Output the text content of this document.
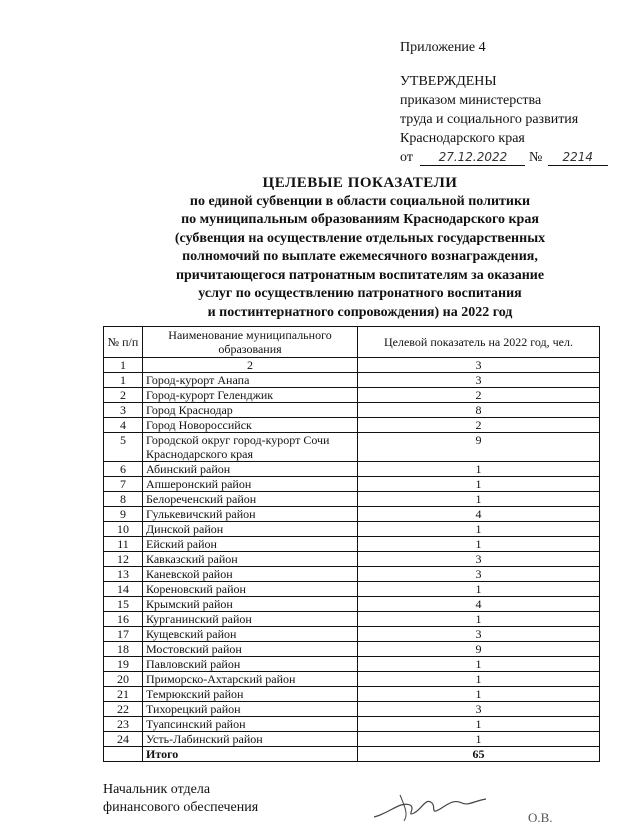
Приложение 4
УТВЕРЖДЕНЫ
приказом министерства
труда и социального развития
Краснодарского края
от 27.12.2022 № 2214
ЦЕЛЕВЫЕ ПОКАЗАТЕЛИ
по единой субвенции в области социальной политики
по муниципальным образованиям Краснодарского края
(субвенция на осуществление отдельных государственных
полномочий по выплате ежемесячного вознаграждения,
причитающегося патронатным воспитателям за оказание
услуг по осуществлению патронатного воспитания
и постинтернатного сопровождения) на 2022 год
№ п/п	Наименование муниципального образования	Целевой показатель на 2022 год, чел.
1	2	3
1	Город-курорт Анапа	3
2	Город-курорт Геленджик	2
3	Город Краснодар	8
4	Город Новороссийск	2
5	Городской округ город-курорт Сочи Краснодарского края	9
6	Абинский район	1
7	Апшеронский район	1
8	Белореченский район	1
9	Гулькевичский район	4
10	Динской район	1
11	Ейский район	1
12	Кавказский район	3
13	Каневской район	3
14	Кореновский район	1
15	Крымский район	4
16	Курганинский район	1
17	Кущевский район	3
18	Мостовский район	9
19	Павловский район	1
20	Приморско-Ахтарский район	1
21	Темрюкский район	1
22	Тихорецкий район	3
23	Туапсинский район	1
24	Усть-Лабинский район	1
	Итого	65
Начальник отдела
финансового обеспечения
О.В.
